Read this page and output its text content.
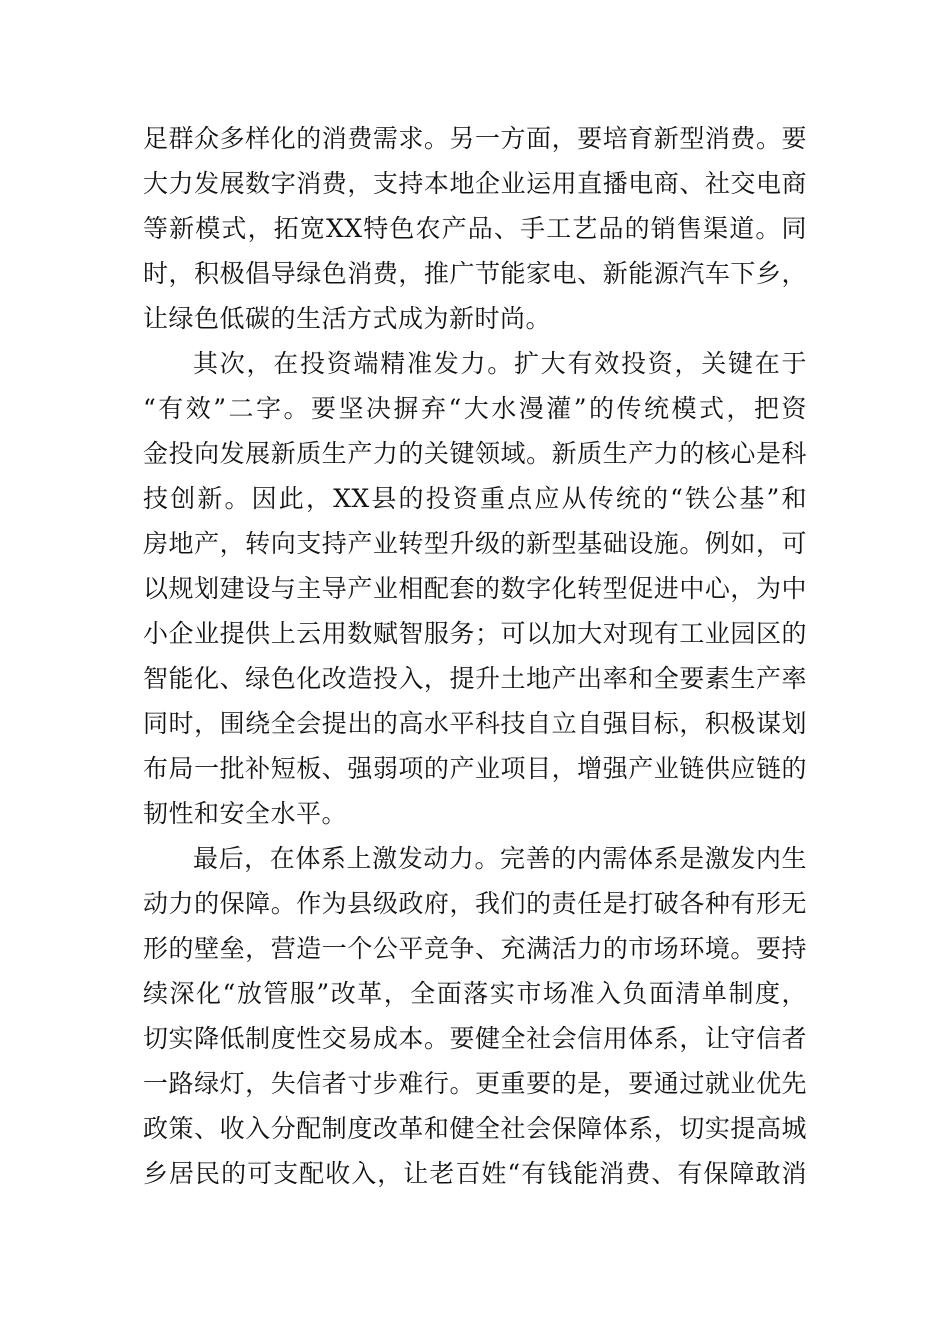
足群众多样化的消费需求。另一方面，要培育新型消费。要
大力发展数字消费，支持本地企业运用直播电商、社交电商
等新模式，拓宽XX特色农产品、手工艺品的销售渠道。同
时，积极倡导绿色消费，推广节能家电、新能源汽车下乡，
让绿色低碳的生活方式成为新时尚。
其次，在投资端精准发力。扩大有效投资，关键在于
“有效”二字。要坚决摒弃“大水漫灌”的传统模式，把资
金投向发展新质生产力的关键领域。新质生产力的核心是科
技创新。因此，XX县的投资重点应从传统的“铁公基”和
房地产，转向支持产业转型升级的新型基础设施。例如，可
以规划建设与主导产业相配套的数字化转型促进中心，为中
小企业提供上云用数赋智服务；可以加大对现有工业园区的
智能化、绿色化改造投入，提升土地产出率和全要素生产率
同时，围绕全会提出的高水平科技自立自强目标，积极谋划
布局一批补短板、强弱项的产业项目，增强产业链供应链的
韧性和安全水平。
最后，在体系上激发动力。完善的内需体系是激发内生
动力的保障。作为县级政府，我们的责任是打破各种有形无
形的壁垒，营造一个公平竞争、充满活力的市场环境。要持
续深化“放管服”改革，全面落实市场准入负面清单制度，
切实降低制度性交易成本。要健全社会信用体系，让守信者
一路绿灯，失信者寸步难行。更重要的是，要通过就业优先
政策、收入分配制度改革和健全社会保障体系，切实提高城
乡居民的可支配收入，让老百姓“有钱能消费、有保障敢消
